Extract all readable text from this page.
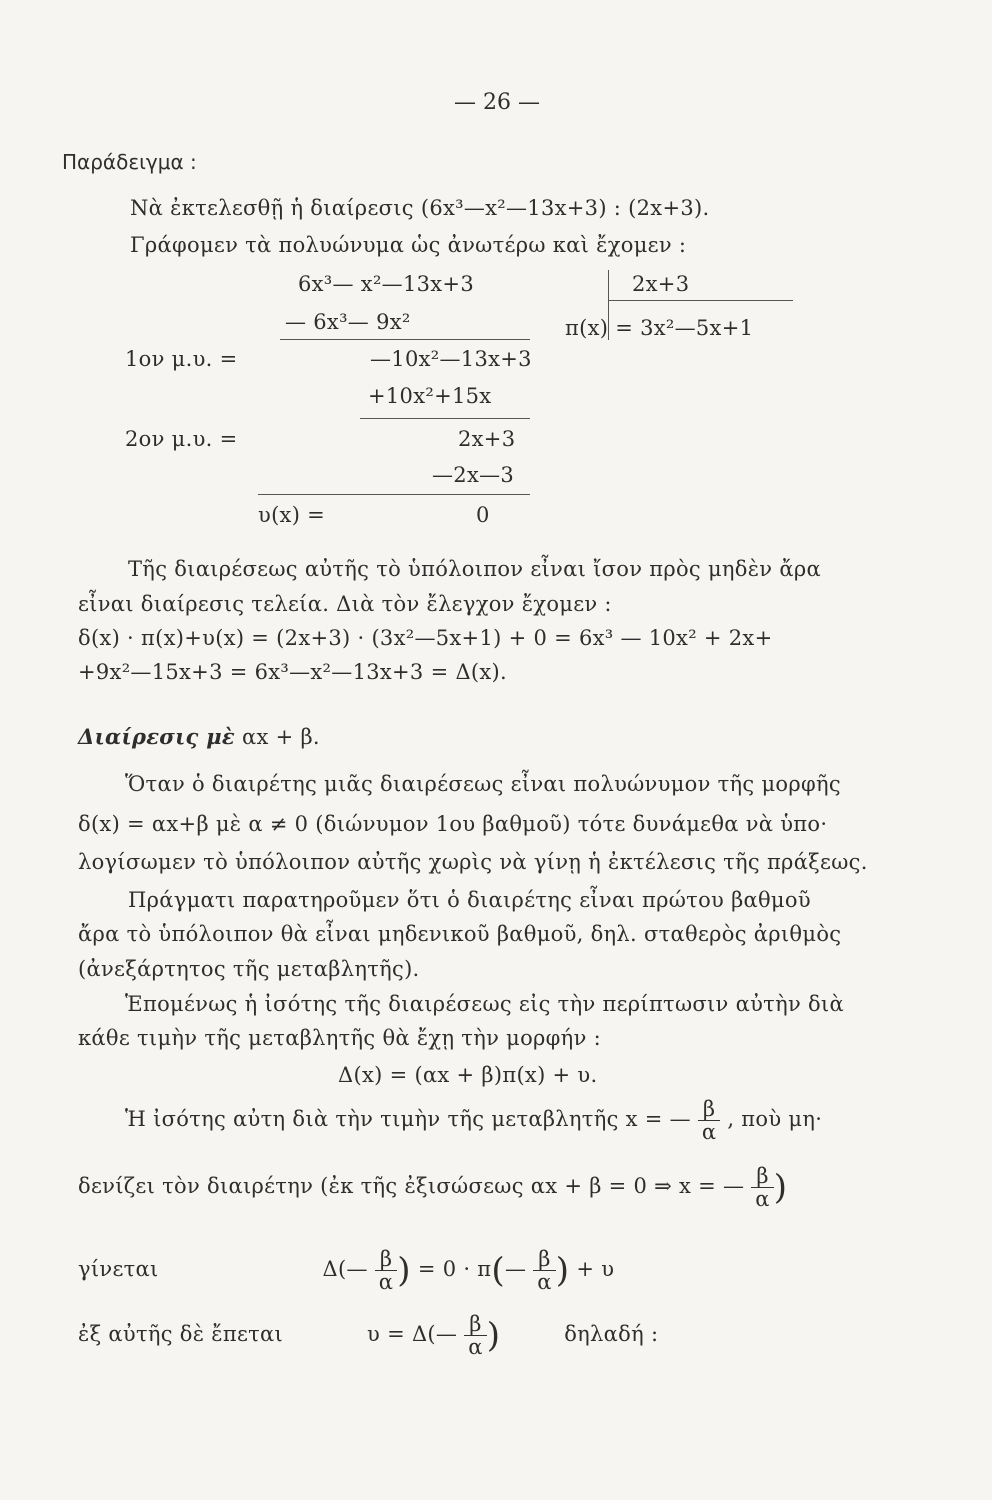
— 26 —
Παράδειγμα :
Νὰ ἐκτελεσθῇ ἡ διαίρεσις (6x³—x²—13x+3) : (2x+3).
Γράφομεν τὰ πολυώνυμα ὡς ἀνωτέρω καὶ ἔχομεν :
6x³— x²—13x+3	2x+3
— 6x³— 9x²	π(x) = 3x²—5x+1
1ον μ.υ. =	—10x²—13x+3
+10x²+15x
2ον μ.υ. =	2x+3
—2x—3
υ(x) =	0
Τῆς διαιρέσεως αὐτῆς τὸ ὑπόλοιπον εἶναι ἴσον πρὸς μηδὲν ἄρα
εἶναι διαίρεσις τελεία. Διὰ τὸν ἔλεγχον ἔχομεν :
δ(x) · π(x)+υ(x) = (2x+3) · (3x²—5x+1) + 0 = 6x³ — 10x² + 2x+
+9x²—15x+3 = 6x³—x²—13x+3 = Δ(x).
Διαίρεσις μὲ αx + β.
Ὅταν ὁ διαιρέτης μιᾶς διαιρέσεως εἶναι πολυώνυμον τῆς μορφῆς
δ(x) = αx+β μὲ α ≠ 0 (διώνυμον 1ου βαθμοῦ) τότε δυνάμεθα νὰ ὑπο·
λογίσωμεν τὸ ὑπόλοιπον αὐτῆς χωρὶς νὰ γίνῃ ἡ ἐκτέλεσις τῆς πράξεως.
Πράγματι παρατηροῦμεν ὅτι ὁ διαιρέτης εἶναι πρώτου βαθμοῦ
ἄρα τὸ ὑπόλοιπον θὰ εἶναι μηδενικοῦ βαθμοῦ, δηλ. σταθερὸς ἀριθμὸς
(ἀνεξάρτητος τῆς μεταβλητῆς).
Ἑπομένως ἡ ἰσότης τῆς διαιρέσεως εἰς τὴν περίπτωσιν αὐτὴν διὰ
κάθε τιμὴν τῆς μεταβλητῆς θὰ ἔχῃ τὴν μορφήν :
Δ(x) = (αx + β)π(x) + υ.
Ἡ ἰσότης αὐτη διὰ τὴν τιμὴν τῆς μεταβλητῆς x = — $\frac{\beta}{\alpha}$ , ποὺ μη·
δενίζει τὸν διαιρέτην (ἐκ τῆς ἐξισώσεως αx + β = 0 ⇒ x = — $\frac{\beta}{\alpha}$ )
γίνεται	Δ(— $\frac{\beta}{\alpha}$ ) = 0 · π(— $\frac{\beta}{\alpha}$ ) + υ
ἐξ αὐτῆς δὲ ἔπεται	υ = Δ(— $\frac{\beta}{\alpha}$ )	δηλαδή :
